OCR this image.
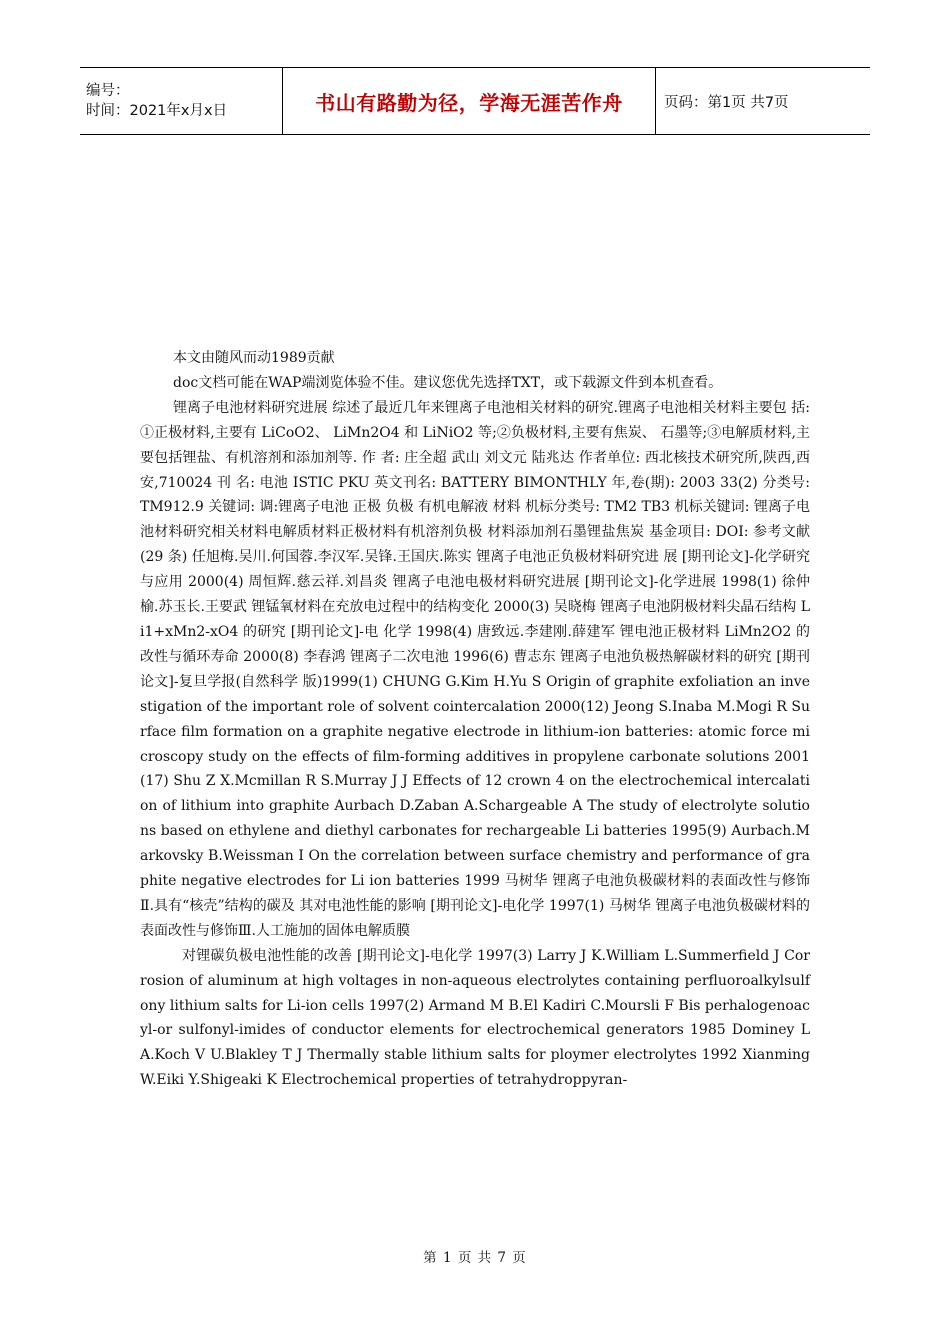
编号：
时间：2021年x月x日	书山有路勤为径，学海无涯苦作舟	页码：第1页 共7页

本文由随风而动1989贡献

doc文档可能在WAP端浏览体验不佳。建议您优先选择TXT，或下载源文件到本机查看。

锂离子电池材料研究进展 综述了最近几年来锂离子电池相关材料的研究.锂离子电池相关材料主要包 括:①正极材料,主要有 LiCoO2、 LiMn2O4 和 LiNiO2 等;②负极材料,主要有焦炭、 石墨等;③电解质材料,主要包括锂盐、有机溶剂和添加剂等. 作 者: 庄全超 武山 刘文元 陆兆达 作者单位: 西北核技术研究所,陕西,西安,710024 刊 名: 电池 ISTIC PKU 英文刊名: BATTERY BIMONTHLY 年,卷(期): 2003 33(2) 分类号: TM912.9 关键词: 调:锂离子电池 正极 负极 有机电解液 材料 机标分类号: TM2 TB3 机标关键词: 锂离子电池材料研究相关材料电解质材料正极材料有机溶剂负极 材料添加剂石墨锂盐焦炭 基金项目: DOI: 参考文献(29 条) 任旭梅.吴川.何国蓉.李汉军.吴锋.王国庆.陈实 锂离子电池正负极材料研究进 展 [期刊论文]-化学研究与应用 2000(4) 周恒辉.慈云祥.刘昌炎 锂离子电池电极材料研究进展 [期刊论文]-化学进展 1998(1) 徐仲榆.苏玉长.王要武 锂锰氧材料在充放电过程中的结构变化 2000(3) 吴晓梅 锂离子电池阴极材料尖晶石结构 Li1+xMn2-xO4 的研究 [期刊论文]-电 化学 1998(4) 唐致远.李建刚.薛建军 锂电池正极材料 LiMn2O2 的改性与循环寿命 2000(8) 李春鸿 锂离子二次电池 1996(6) 曹志东 锂离子电池负极热解碳材料的研究 [期刊论文]-复旦学报(自然科学 版)1999(1) CHUNG G.Kim H.Yu S Origin of graphite exfoliation an investigation of the important role of solvent cointercalation 2000(12) Jeong S.Inaba M.Mogi R Surface film formation on a graphite negative electrode in lithium-ion batteries: atomic force microscopy study on the effects of film-forming additives in propylene carbonate solutions 2001(17) Shu Z X.Mcmillan R S.Murray J J Effects of 12 crown 4 on the electrochemical intercalation of lithium into graphite Aurbach D.Zaban A.Schargeable A The study of electrolyte solutions based on ethylene and diethyl carbonates for rechargeable Li batteries 1995(9) Aurbach.Markovsky B.Weissman I On the correlation between surface chemistry and performance of graphite negative electrodes for Li ion batteries 1999 马树华 锂离子电池负极碳材料的表面改性与修饰Ⅱ.具有“核壳”结构的碳及 其对电池性能的影响 [期刊论文]-电化学 1997(1) 马树华 锂离子电池负极碳材料的表面改性与修饰Ⅲ.人工施加的固体电解质膜

对锂碳负极电池性能的改善 [期刊论文]-电化学 1997(3) Larry J K.William L.Summerfield J Corrosion of aluminum at high voltages in non-aqueous electrolytes containing perfluoroalkylsulfony lithium salts for Li-ion cells 1997(2) Armand M B.El Kadiri C.Moursli F Bis perhalogenoacyl-or sulfonyl-imides of conductor elements for electrochemical generators 1985 Dominey L A.Koch V U.Blakley T J Thermally stable lithium salts for ploymer electrolytes 1992 Xianming W.Eiki Y.Shigeaki K Electrochemical properties of tetrahydroppyran-

第 1 页 共 7 页
